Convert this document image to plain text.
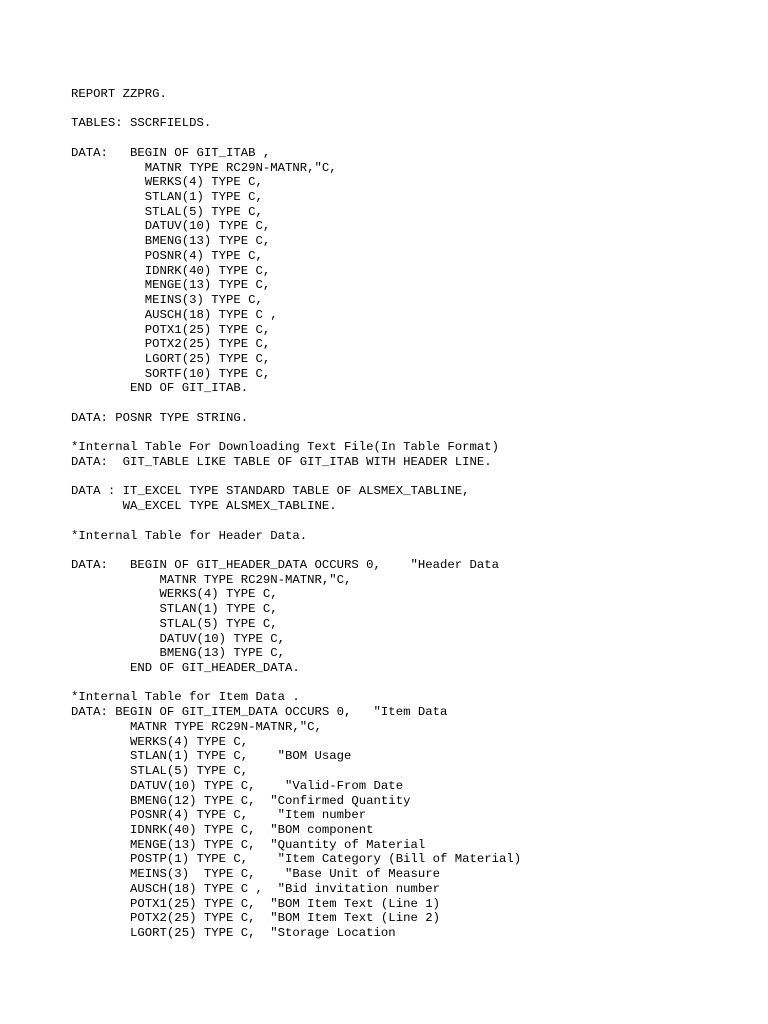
REPORT ZZPRG.
TABLES: SSCRFIELDS.
DATA:   BEGIN OF GIT_ITAB ,
MATNR TYPE RC29N-MATNR,"C,
WERKS(4) TYPE C,
STLAN(1) TYPE C,
STLAL(5) TYPE C,
DATUV(10) TYPE C,
BMENG(13) TYPE C,
POSNR(4) TYPE C,
IDNRK(40) TYPE C,
MENGE(13) TYPE C,
MEINS(3) TYPE C,
AUSCH(18) TYPE C ,
POTX1(25) TYPE C,
POTX2(25) TYPE C,
LGORT(25) TYPE C,
SORTF(10) TYPE C,
END OF GIT_ITAB.
DATA: POSNR TYPE STRING.
*Internal Table For Downloading Text File(In Table Format)
DATA:  GIT_TABLE LIKE TABLE OF GIT_ITAB WITH HEADER LINE.
DATA : IT_EXCEL TYPE STANDARD TABLE OF ALSMEX_TABLINE,
WA_EXCEL TYPE ALSMEX_TABLINE.
*Internal Table for Header Data.
DATA:   BEGIN OF GIT_HEADER_DATA OCCURS 0,    "Header Data
MATNR TYPE RC29N-MATNR,"C,
WERKS(4) TYPE C,
STLAN(1) TYPE C,
STLAL(5) TYPE C,
DATUV(10) TYPE C,
BMENG(13) TYPE C,
END OF GIT_HEADER_DATA.
*Internal Table for Item Data .
DATA: BEGIN OF GIT_ITEM_DATA OCCURS 0,   "Item Data
MATNR TYPE RC29N-MATNR,"C,
WERKS(4) TYPE C,
STLAN(1) TYPE C,    "BOM Usage
STLAL(5) TYPE C,
DATUV(10) TYPE C,    "Valid-From Date
BMENG(12) TYPE C,  "Confirmed Quantity
POSNR(4) TYPE C,    "Item number
IDNRK(40) TYPE C,  "BOM component
MENGE(13) TYPE C,  "Quantity of Material
POSTP(1) TYPE C,    "Item Category (Bill of Material)
MEINS(3)  TYPE C,    "Base Unit of Measure
AUSCH(18) TYPE C ,  "Bid invitation number
POTX1(25) TYPE C,  "BOM Item Text (Line 1)
POTX2(25) TYPE C,  "BOM Item Text (Line 2)
LGORT(25) TYPE C,  "Storage Location
